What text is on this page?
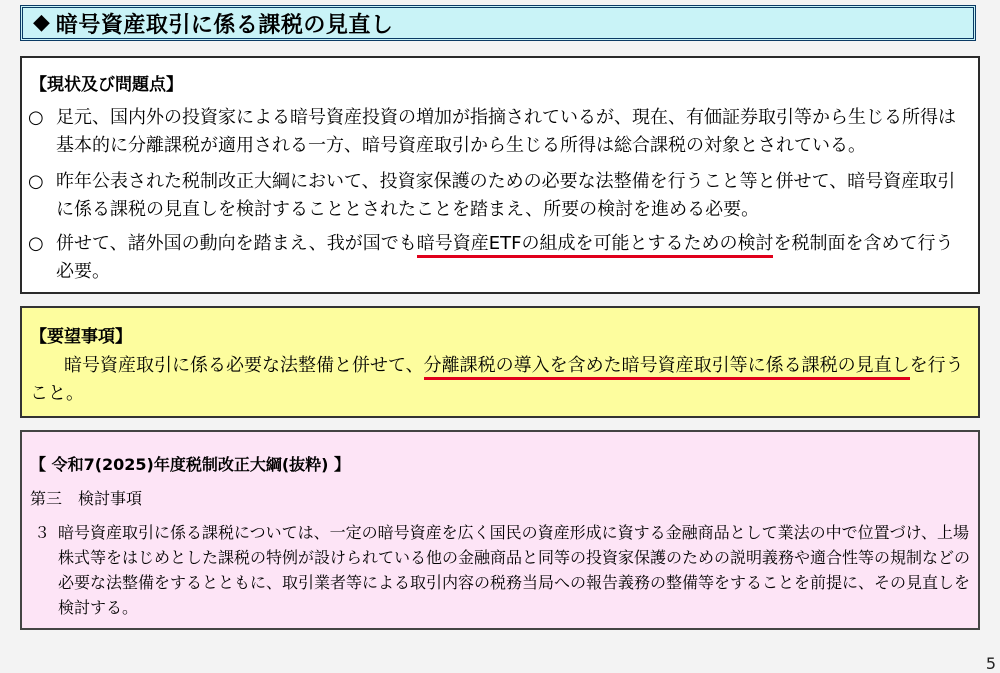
◆ 暗号資産取引に係る課税の見直し
【現状及び問題点】
○ 足元、国内外の投資家による暗号資産投資の増加が指摘されているが、現在、有価証券取引等から生じる所得は基本的に分離課税が適用される一方、暗号資産取引から生じる所得は総合課税の対象とされている。
○ 昨年公表された税制改正大綱において、投資家保護のための必要な法整備を行うこと等と併せて、暗号資産取引に係る課税の見直しを検討することとされたことを踏まえ、所要の検討を進める必要。
○ 併せて、諸外国の動向を踏まえ、我が国でも暗号資産ETFの組成を可能とするための検討を税制面を含めて行う必要。
【要望事項】
暗号資産取引に係る必要な法整備と併せて、分離課税の導入を含めた暗号資産取引等に係る課税の見直しを行うこと。
【 令和7(2025)年度税制改正大綱(抜粋) 】
第三　検討事項
３ 暗号資産取引に係る課税については、一定の暗号資産を広く国民の資産形成に資する金融商品として業法の中で位置づけ、上場株式等をはじめとした課税の特例が設けられている他の金融商品と同等の投資家保護のための説明義務や適合性等の規制などの必要な法整備をするとともに、取引業者等による取引内容の税務当局への報告義務の整備等をすることを前提に、その見直しを検討する。
5
